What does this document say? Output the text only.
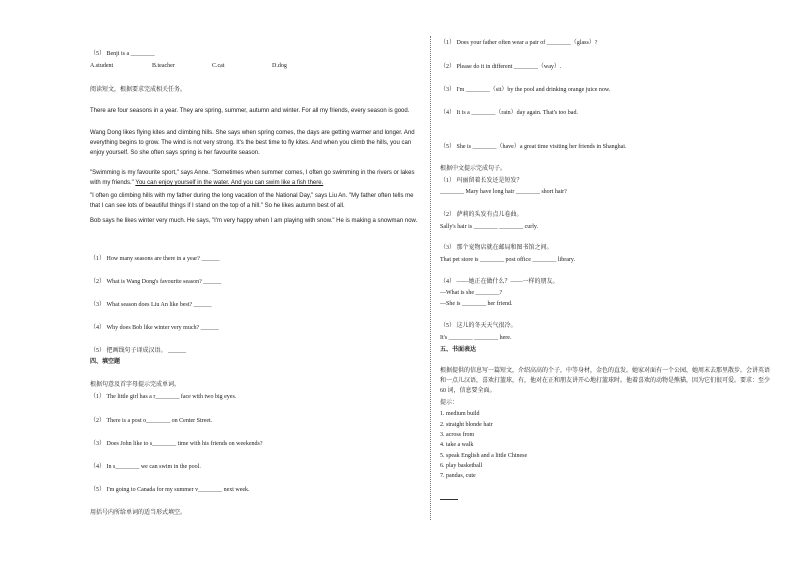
（5） Benji is a ________
A.student	B.teacher	C.cat	D.dog
阅读短文，根据要求完成相关任务。
There are four seasons in a year. They are spring, summer, autumn and winter. For all my friends, every season is good.
Wang Dong likes flying kites and climbing hills. She says when spring comes, the days are getting warmer and longer. And everything begins to grow. The wind is not very strong. It's the best time to fly kites. And when you climb the hills, you can enjoy yourself. So she often says spring is her favourite season.
"Swimming is my favourite sport," says Anne. "Sometimes when summer comes, I often go swimming in the rivers or lakes with my friends." You can enjoy yourself in the water. And you can swim like a fish there.
"I often go climbing hills with my father during the long vacation of the National Day," says Liu An. "My father often tells me that I can see lots of beautiful things if I stand on the top of a hill." So he likes autumn best of all.
Bob says he likes winter very much. He says, "I'm very happy when I am playing with snow." He is making a snowman now.
（1） How many seasons are there in a year? ______
（2） What is Wang Dong's favourite season? ______
（3） What season does Liu An like best? ______
（4） Why does Bob like winter very much? ______
（5） 把画线句子译成汉语。 ______
四、填空题
根据句意及首字母提示完成单词。
（1） The little girl has a r________ face with two big eyes.
（2） There is a post o________ on Center Street.
（3） Does John like to s________ time with his friends on weekends?
（4） In s________ we can swim in the pool.
（5） I'm going to Canada for my summer v________ next week.
用括号内所给单词的适当形式填空。
（1） Does your father often wear a pair of ________（glass）?
（2） Please do it in different ________（way）.
（3） I'm ________（sit）by the pool and drinking orange juice now.
（4） It is a ________（rain）day again. That's too bad.
（5） She is ________（have）a great time visiting her friends in Shanghai.
根据中文提示完成句子。
（1） 玛丽留着长发还是短发？
________ Mary have long hair ________ short hair?
（2） 萨莉的头发有点儿卷曲。
Sally's hair is ________ ________ curly.
（3） 那个宠物店就在邮局和图书馆之间。
That pet store is ________ post office ________ library.
（4） ——她正在做什么？——一样的朋友。
—What is she ________?
—She is ________ her friend.
（5） 这儿的冬天天气很冷。
It's ________ ________ here.
五、书面表达
根据提供的信息写一篇短文，介绍高高的个子，中等身材，金色的直发。她家对面有一个公园，她周末去那里散步。会讲英语和一点儿汉语，喜欢打篮球，有，他对在正和朋友讲开心地打篮球时。他着喜欢的动物是熊猫，因为它们很可爱。要求：至少 60 词，信息要全面。
提示：
1. medium build
2. straight blonde hair
3. across from
4. take a walk
5. speak English and a little Chinese
6. play basketball
7. pandas, cute
